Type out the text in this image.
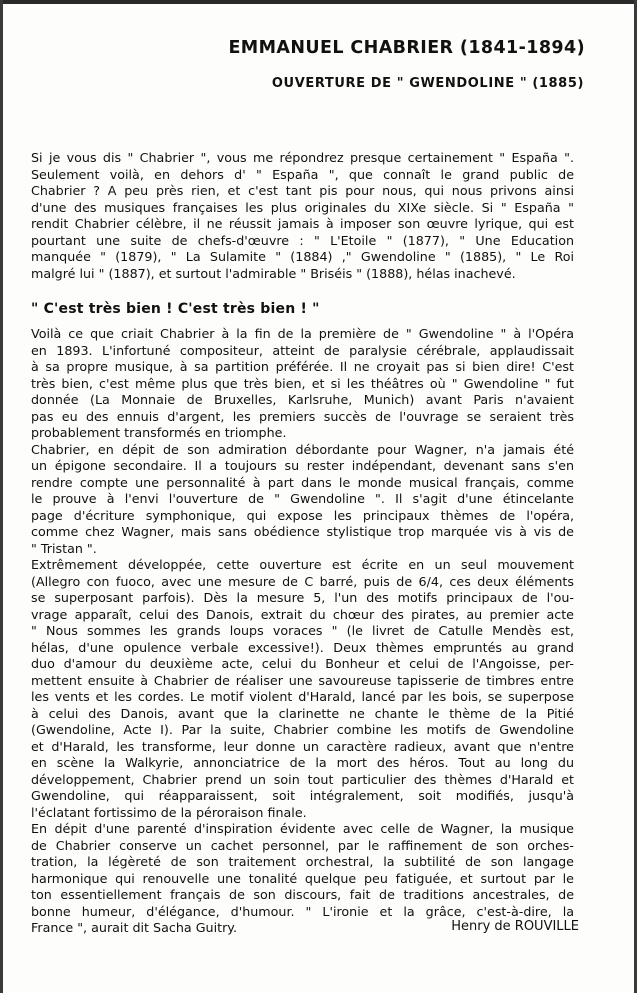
EMMANUEL CHABRIER (1841-1894)
OUVERTURE DE " GWENDOLINE " (1885)
Si je vous dis " Chabrier ", vous me répondrez presque certainement " España ".
Seulement voilà, en dehors d' " España ", que connaît le grand public de
Chabrier ? A peu près rien, et c'est tant pis pour nous, qui nous privons ainsi
d'une des musiques françaises les plus originales du XIXe siècle. Si " España "
rendit Chabrier célèbre, il ne réussit jamais à imposer son œuvre lyrique, qui est
pourtant une suite de chefs-d'œuvre : " L'Etoile " (1877), " Une Education
manquée " (1879), " La Sulamite " (1884) ," Gwendoline " (1885), " Le Roi
malgré lui " (1887), et surtout l'admirable " Briséis " (1888), hélas inachevé.
" C'est très bien ! C'est très bien ! "
Voilà ce que criait Chabrier à la fin de la première de " Gwendoline " à l'Opéra
en 1893. L'infortuné compositeur, atteint de paralysie cérébrale, applaudissait
à sa propre musique, à sa partition préférée. Il ne croyait pas si bien dire! C'est
très bien, c'est même plus que très bien, et si les théâtres où " Gwendoline " fut
donnée (La Monnaie de Bruxelles, Karlsruhe, Munich) avant Paris n'avaient
pas eu des ennuis d'argent, les premiers succès de l'ouvrage se seraient très
probablement transformés en triomphe.
Chabrier, en dépit de son admiration débordante pour Wagner, n'a jamais été
un épigone secondaire. Il a toujours su rester indépendant, devenant sans s'en
rendre compte une personnalité à part dans le monde musical français, comme
le prouve à l'envi l'ouverture de " Gwendoline ". Il s'agit d'une étincelante
page d'écriture symphonique, qui expose les principaux thèmes de l'opéra,
comme chez Wagner, mais sans obédience stylistique trop marquée vis à vis de
" Tristan ".
Extrêmement développée, cette ouverture est écrite en un seul mouvement
(Allegro con fuoco, avec une mesure de C barré, puis de 6/4, ces deux éléments
se superposant parfois). Dès la mesure 5, l'un des motifs principaux de l'ou-
vrage apparaît, celui des Danois, extrait du chœur des pirates, au premier acte
" Nous sommes les grands loups voraces " (le livret de Catulle Mendès est,
hélas, d'une opulence verbale excessive!). Deux thèmes empruntés au grand
duo d'amour du deuxième acte, celui du Bonheur et celui de l'Angoisse, per-
mettent ensuite à Chabrier de réaliser une savoureuse tapisserie de timbres entre
les vents et les cordes. Le motif violent d'Harald, lancé par les bois, se superpose
à celui des Danois, avant que la clarinette ne chante le thème de la Pitié
(Gwendoline, Acte I). Par la suite, Chabrier combine les motifs de Gwendoline
et d'Harald, les transforme, leur donne un caractère radieux, avant que n'entre
en scène la Walkyrie, annonciatrice de la mort des héros. Tout au long du
développement, Chabrier prend un soin tout particulier des thèmes d'Harald et
Gwendoline, qui réapparaissent, soit intégralement, soit modifiés, jusqu'à
l'éclatant fortissimo de la péroraison finale.
En dépit d'une parenté d'inspiration évidente avec celle de Wagner, la musique
de Chabrier conserve un cachet personnel, par le raffinement de son orches-
tration, la légèreté de son traitement orchestral, la subtilité de son langage
harmonique qui renouvelle une tonalité quelque peu fatiguée, et surtout par le
ton essentiellement français de son discours, fait de traditions ancestrales, de
bonne humeur, d'élégance, d'humour. " L'ironie et la grâce, c'est-à-dire, la
France ", aurait dit Sacha Guitry.	Henry de ROUVILLE
